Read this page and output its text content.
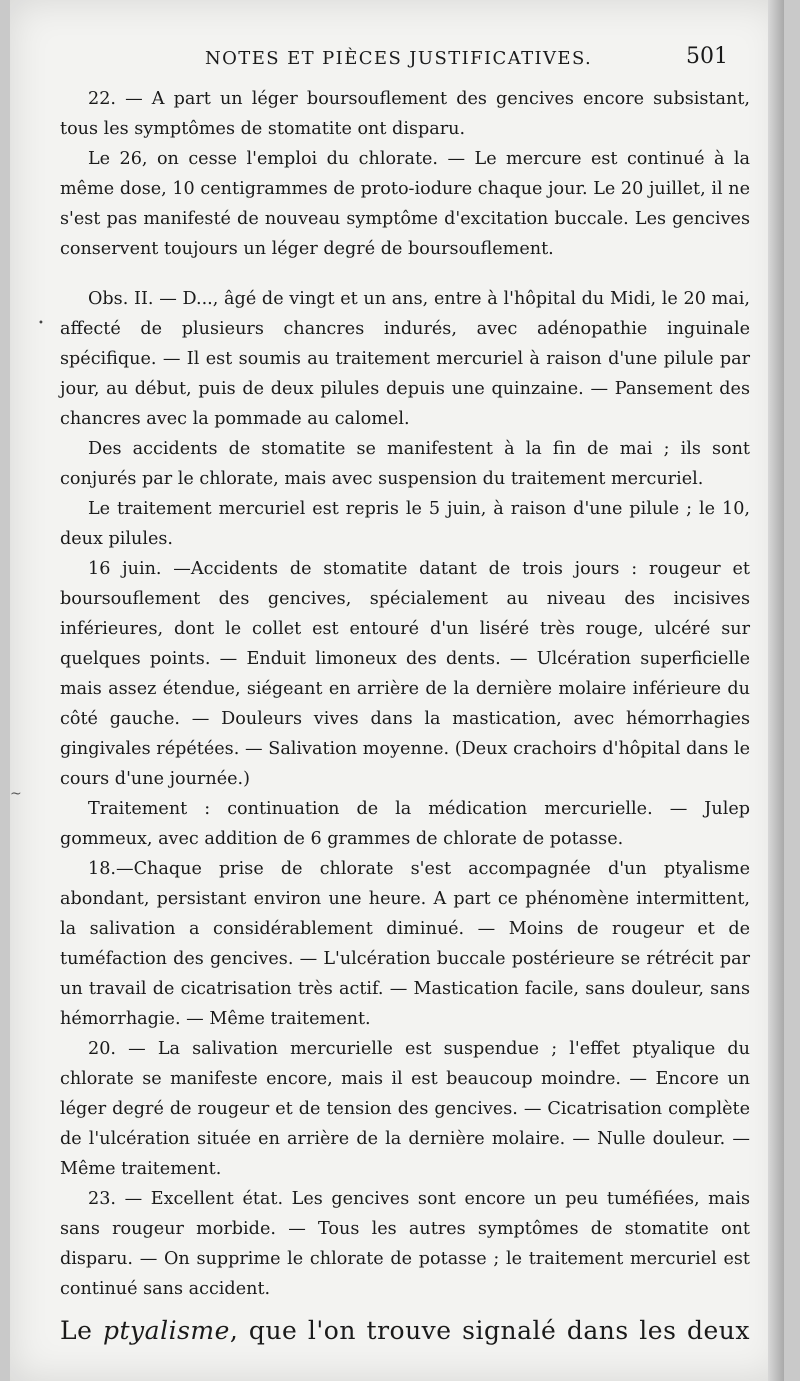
NOTES ET PIÈCES JUSTIFICATIVES.	501
•
~

22. — A part un léger boursouflement des gencives encore subsistant, tous les symptômes de stomatite ont disparu.

Le 26, on cesse l'emploi du chlorate. — Le mercure est continué à la même dose, 10 centigrammes de proto-iodure chaque jour. Le 20 juillet, il ne s'est pas manifesté de nouveau symptôme d'excitation buccale. Les gencives conservent toujours un léger degré de boursouflement.

Obs. II. — D..., âgé de vingt et un ans, entre à l'hôpital du Midi, le 20 mai, affecté de plusieurs chancres indurés, avec adénopathie inguinale spécifique. — Il est soumis au traitement mercuriel à raison d'une pilule par jour, au début, puis de deux pilules depuis une quinzaine. — Pansement des chancres avec la pommade au calomel.

Des accidents de stomatite se manifestent à la fin de mai ; ils sont conjurés par le chlorate, mais avec suspension du traitement mercuriel.

Le traitement mercuriel est repris le 5 juin, à raison d'une pilule ; le 10, deux pilules.

16 juin. —Accidents de stomatite datant de trois jours : rougeur et boursouflement des gencives, spécialement au niveau des incisives inférieures, dont le collet est entouré d'un liséré très rouge, ulcéré sur quelques points. — Enduit limoneux des dents. — Ulcération superficielle mais assez étendue, siégeant en arrière de la dernière molaire inférieure du côté gauche. — Douleurs vives dans la mastication, avec hémorrhagies gingivales répétées. — Salivation moyenne. (Deux crachoirs d'hôpital dans le cours d'une journée.)

Traitement : continuation de la médication mercurielle. — Julep gommeux, avec addition de 6 grammes de chlorate de potasse.

18.—Chaque prise de chlorate s'est accompagnée d'un ptyalisme abondant, persistant environ une heure. A part ce phénomène intermittent, la salivation a considérablement diminué. — Moins de rougeur et de tuméfaction des gencives. — L'ulcération buccale postérieure se rétrécit par un travail de cicatrisation très actif. — Mastication facile, sans douleur, sans hémorrhagie. — Même traitement.

20. — La salivation mercurielle est suspendue ; l'effet ptyalique du chlorate se manifeste encore, mais il est beaucoup moindre. — Encore un léger degré de rougeur et de tension des gencives. — Cicatrisation complète de l'ulcération située en arrière de la dernière molaire. — Nulle douleur. — Même traitement.

23. — Excellent état. Les gencives sont encore un peu tuméfiées, mais sans rougeur morbide. — Tous les autres symptômes de stomatite ont disparu. — On supprime le chlorate de potasse ; le traitement mercuriel est continué sans accident.

Le ptyalisme, que l'on trouve signalé dans les deux
